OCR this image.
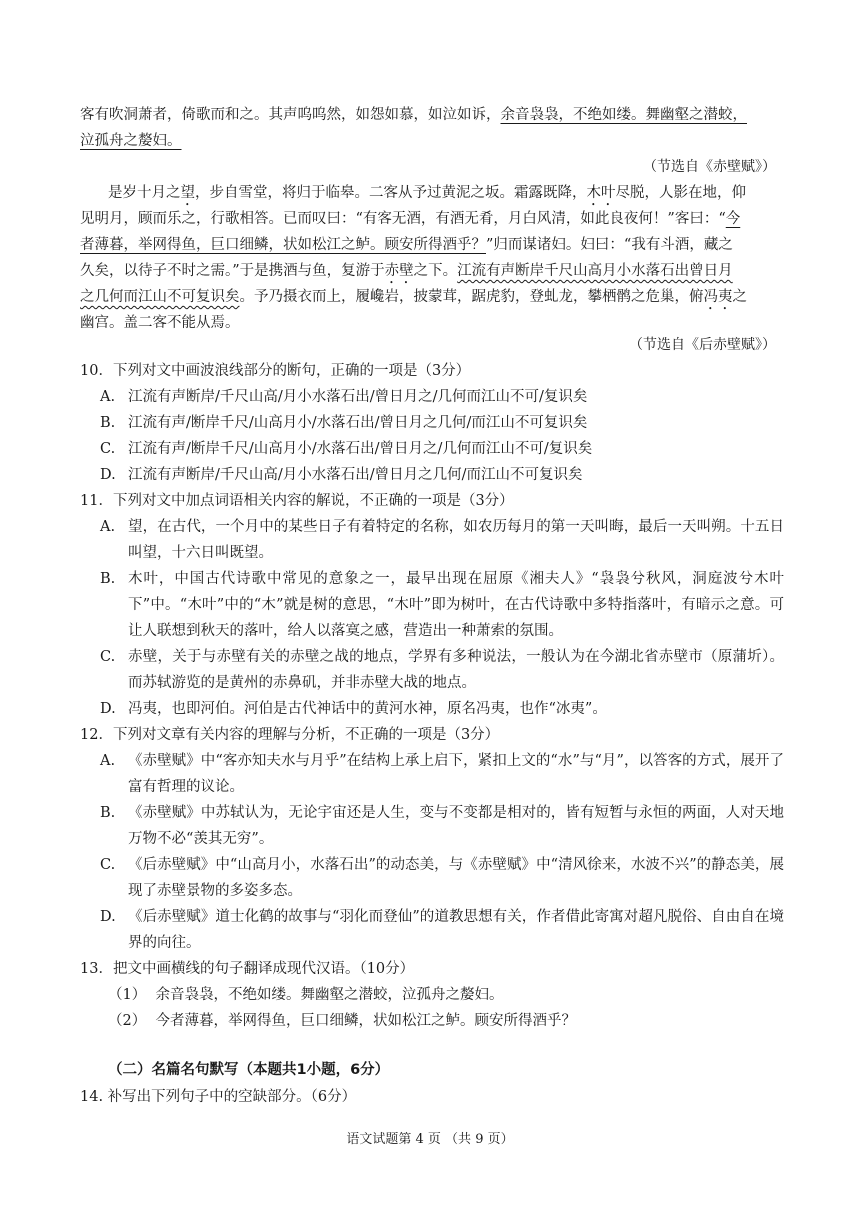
客有吹洞萧者，倚歌而和之。其声呜呜然，如怨如慕，如泣如诉，余音袅袅，不绝如缕。舞幽壑之潜蛟，
泣孤舟之嫠妇。
（节选自《赤壁赋》）
是岁十月之望，步自雪堂，将归于临皋。二客从予过黄泥之坂。霜露既降，木叶尽脱，人影在地，仰
见明月，顾而乐之，行歌相答。已而叹曰：“有客无酒，有酒无肴，月白风清，如此良夜何！”客曰：“今
者薄暮，举网得鱼，巨口细鳞，状如松江之鲈。顾安所得酒乎？”归而谋诸妇。妇曰：“我有斗酒，藏之
久矣，以待子不时之需。”于是携酒与鱼，复游于赤壁之下。江流有声断岸千尺山高月小水落石出曾日月
之几何而江山不可复识矣。予乃摄衣而上，履巉岩，披蒙茸，踞虎豹，登虬龙，攀栖鹘之危巢，俯冯夷之
幽宫。盖二客不能从焉。
（节选自《后赤壁赋》）
10．下列对文中画波浪线部分的断句，正确的一项是（3分）
A. 江流有声断岸/千尺山高/月小水落石出/曾日月之/几何而江山不可/复识矣
B. 江流有声/断岸千尺/山高月小/水落石出/曾日月之几何/而江山不可复识矣
C. 江流有声/断岸千尺/山高月小/水落石出/曾日月之/几何而江山不可/复识矣
D. 江流有声断岸/千尺山高/月小水落石出/曾日月之几何/而江山不可复识矣
11．下列对文中加点词语相关内容的解说，不正确的一项是（3分）
A. 望，在古代，一个月中的某些日子有着特定的名称，如农历每月的第一天叫晦，最后一天叫朔。十五日叫望，十六日叫既望。
B. 木叶，中国古代诗歌中常见的意象之一，最早出现在屈原《湘夫人》“袅袅兮秋风，洞庭波兮木叶下”中。“木叶”中的“木”就是树的意思，“木叶”即为树叶，在古代诗歌中多特指落叶，有暗示之意。可让人联想到秋天的落叶，给人以落寞之感，营造出一种萧索的氛围。
C. 赤壁，关于与赤壁有关的赤壁之战的地点，学界有多种说法，一般认为在今湖北省赤壁市（原蒲圻）。而苏轼游览的是黄州的赤鼻矶，并非赤壁大战的地点。
D. 冯夷，也即河伯。河伯是古代神话中的黄河水神，原名冯夷，也作“冰夷”。
12．下列对文章有关内容的理解与分析，不正确的一项是（3分）
A. 《赤壁赋》中“客亦知夫水与月乎”在结构上承上启下，紧扣上文的“水”与“月”，以答客的方式，展开了富有哲理的议论。
B. 《赤壁赋》中苏轼认为，无论宇宙还是人生，变与不变都是相对的，皆有短暂与永恒的两面，人对天地万物不必“羡其无穷”。
C. 《后赤壁赋》中“山高月小，水落石出”的动态美，与《赤壁赋》中“清风徐来，水波不兴”的静态美，展现了赤壁景物的多姿多态。
D. 《后赤壁赋》道士化鹤的故事与“羽化而登仙”的道教思想有关，作者借此寄寓对超凡脱俗、自由自在境界的向往。
13．把文中画横线的句子翻译成现代汉语。（10分）
（1） 余音袅袅，不绝如缕。舞幽壑之潜蛟，泣孤舟之嫠妇。
（2） 今者薄暮，举网得鱼，巨口细鳞，状如松江之鲈。顾安所得酒乎？
（二）名篇名句默写（本题共1小题，6分）
14. 补写出下列句子中的空缺部分。（6分）
语文试题第 4 页 （共 9 页）
